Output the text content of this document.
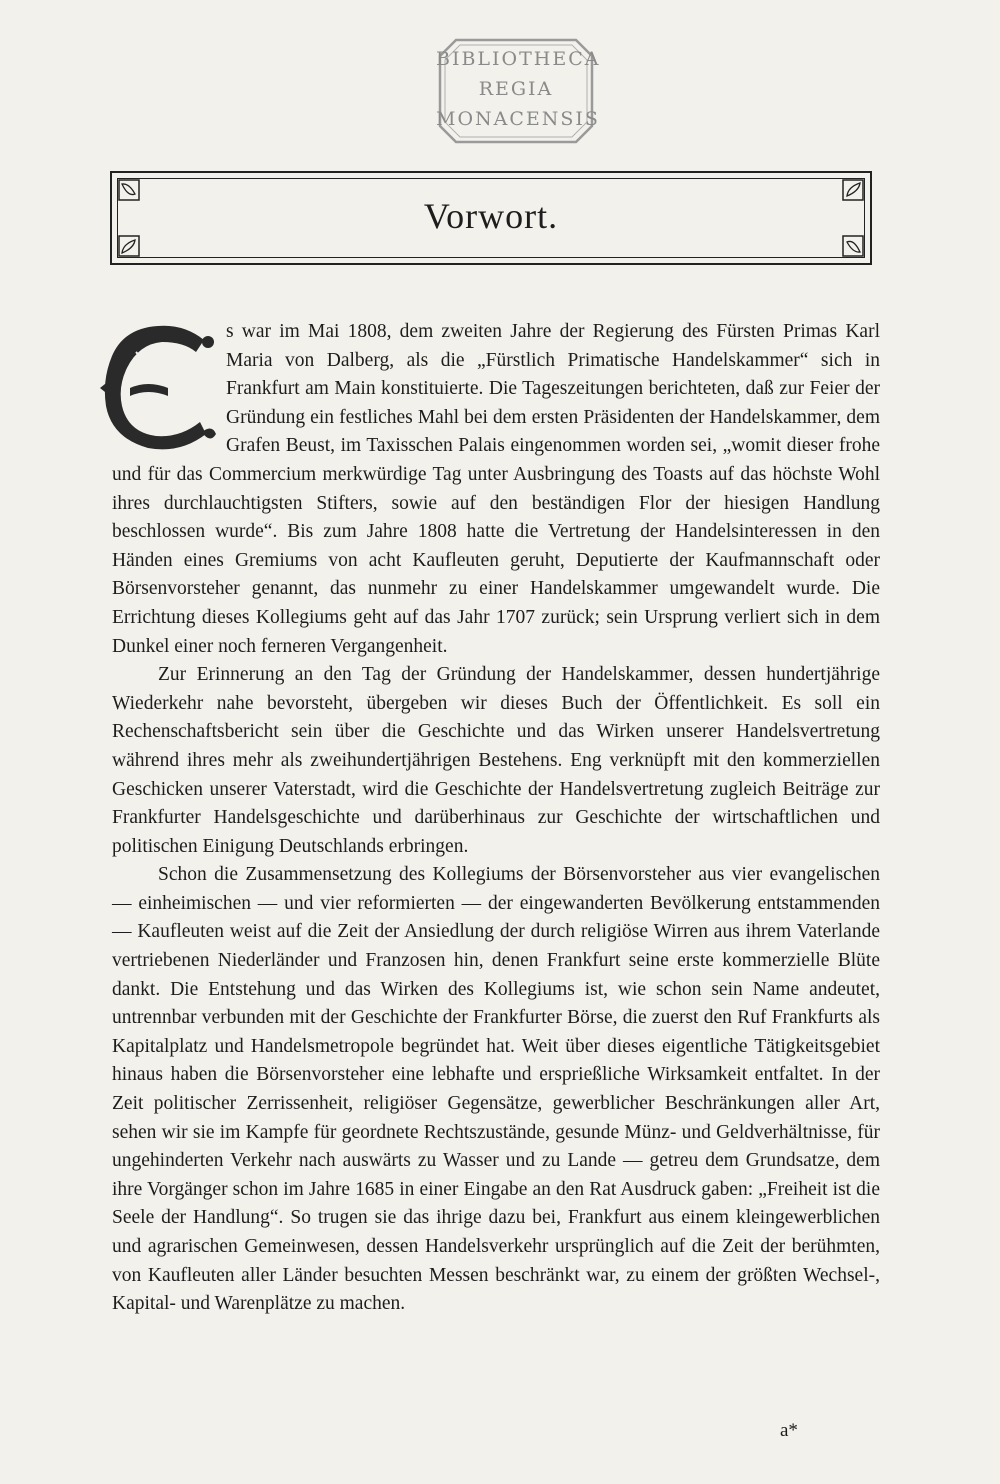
BIBLIOTHECA
REGIA
MONACENSIS
Vorwort.

s war im Mai 1808, dem zweiten Jahre der Regierung des Fürsten Primas Karl Maria von Dalberg, als die „Fürstlich Primatische Handelskammer“ sich in Frankfurt am Main konstituierte. Die Tageszeitungen berichteten, daß zur Feier der Gründung ein festliches Mahl bei dem ersten Präsidenten der Handelskammer, dem Grafen Beust, im Taxisschen Palais eingenommen worden sei, „womit dieser frohe und für das Commercium merkwürdige Tag unter Ausbringung des Toasts auf das höchste Wohl ihres durchlauchtigsten Stifters, sowie auf den beständigen Flor der hiesigen Handlung beschlossen wurde“. Bis zum Jahre 1808 hatte die Vertretung der Handelsinteressen in den Händen eines Gremiums von acht Kaufleuten geruht, Deputierte der Kaufmannschaft oder Börsenvorsteher genannt, das nunmehr zu einer Handelskammer umgewandelt wurde. Die Errichtung dieses Kollegiums geht auf das Jahr 1707 zurück; sein Ursprung verliert sich in dem Dunkel einer noch ferneren Vergangenheit.

Zur Erinnerung an den Tag der Gründung der Handelskammer, dessen hundertjährige Wiederkehr nahe bevorsteht, übergeben wir dieses Buch der Öffentlichkeit. Es soll ein Rechenschaftsbericht sein über die Geschichte und das Wirken unserer Handelsvertretung während ihres mehr als zweihundertjährigen Bestehens. Eng verknüpft mit den kommerziellen Geschicken unserer Vaterstadt, wird die Geschichte der Handelsvertretung zugleich Beiträge zur Frankfurter Handelsgeschichte und darüberhinaus zur Geschichte der wirtschaftlichen und politischen Einigung Deutschlands erbringen.

Schon die Zusammensetzung des Kollegiums der Börsenvorsteher aus vier evangelischen — einheimischen — und vier reformierten — der eingewanderten Bevölkerung entstammenden — Kaufleuten weist auf die Zeit der Ansiedlung der durch religiöse Wirren aus ihrem Vaterlande vertriebenen Niederländer und Franzosen hin, denen Frankfurt seine erste kommerzielle Blüte dankt. Die Entstehung und das Wirken des Kollegiums ist, wie schon sein Name andeutet, untrennbar verbunden mit der Geschichte der Frankfurter Börse, die zuerst den Ruf Frankfurts als Kapitalplatz und Handelsmetropole begründet hat. Weit über dieses eigentliche Tätigkeitsgebiet hinaus haben die Börsenvorsteher eine lebhafte und ersprießliche Wirksamkeit entfaltet. In der Zeit politischer Zerrissenheit, religiöser Gegensätze, gewerblicher Beschränkungen aller Art, sehen wir sie im Kampfe für geordnete Rechtszustände, gesunde Münz- und Geldverhältnisse, für ungehinderten Verkehr nach auswärts zu Wasser und zu Lande — getreu dem Grundsatze, dem ihre Vorgänger schon im Jahre 1685 in einer Eingabe an den Rat Ausdruck gaben: „Freiheit ist die Seele der Handlung“. So trugen sie das ihrige dazu bei, Frankfurt aus einem kleingewerblichen und agrarischen Gemeinwesen, dessen Handelsverkehr ursprünglich auf die Zeit der berühmten, von Kaufleuten aller Länder besuchten Messen beschränkt war, zu einem der größten Wechsel-, Kapital- und Warenplätze zu machen.

a*
